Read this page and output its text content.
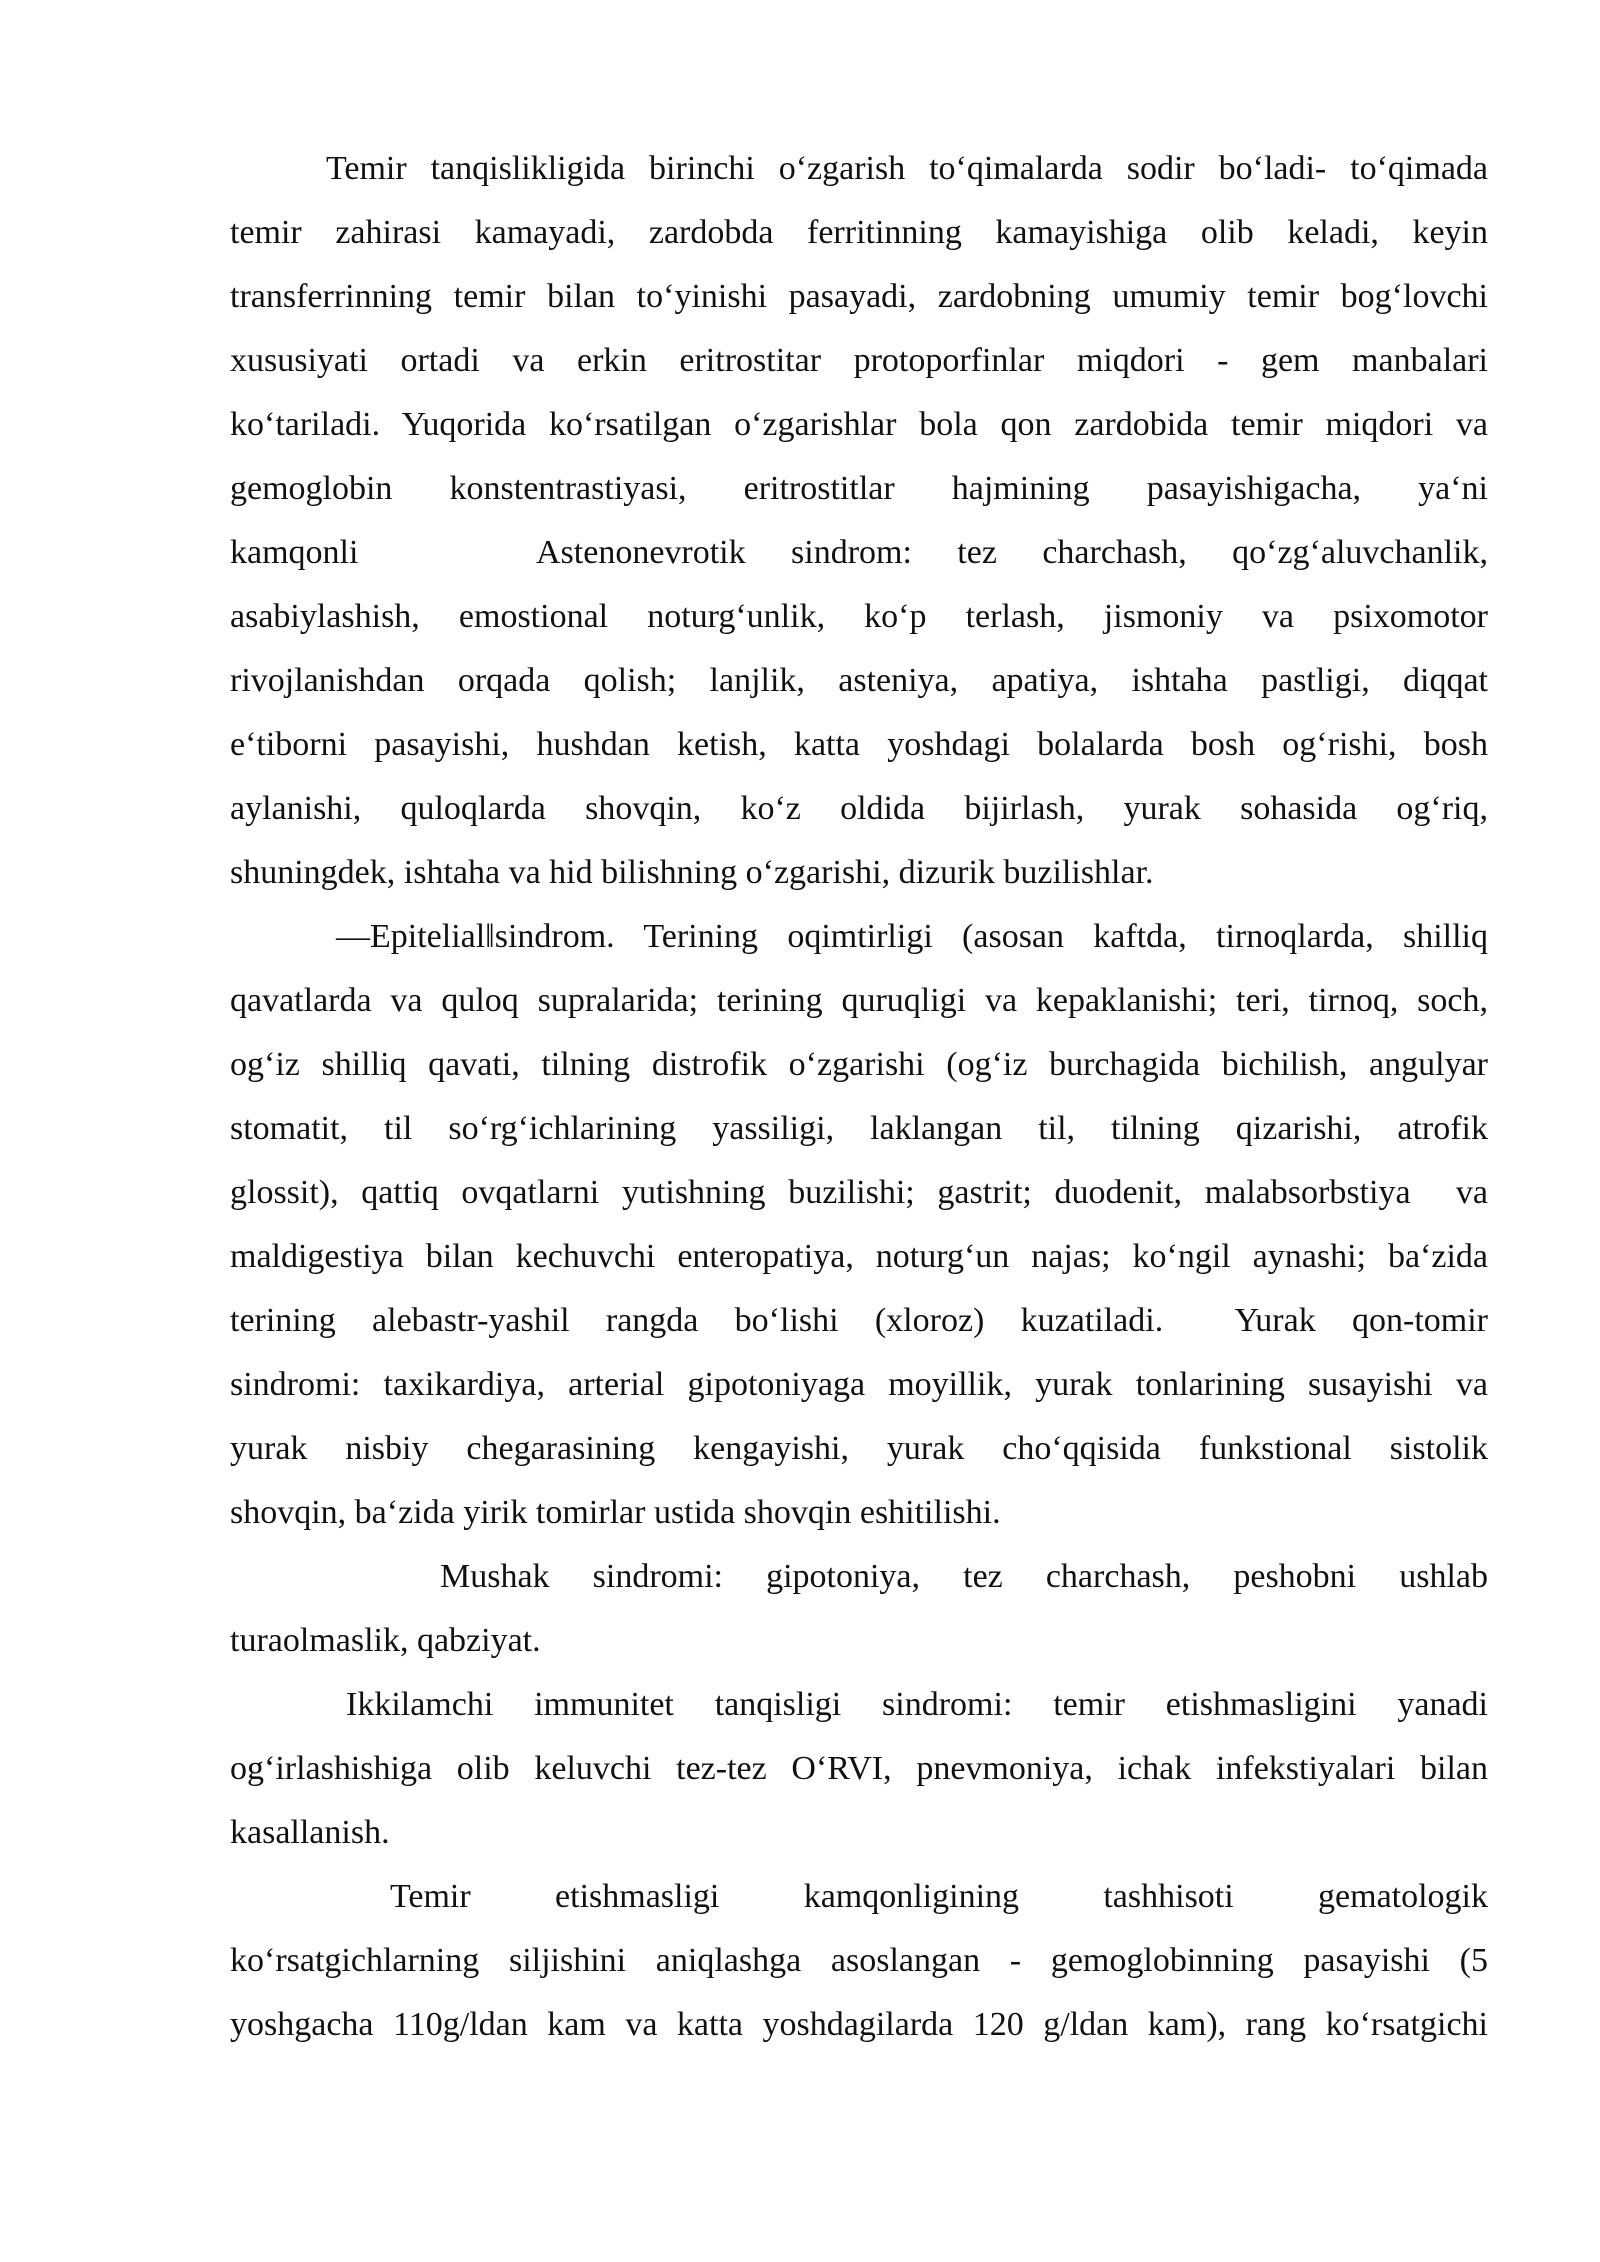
Temir tanqislikligida birinchi o‘zgarish to‘qimalarda sodir bo‘ladi- to‘qimada
temir zahirasi kamayadi, zardobda ferritinning kamayishiga olib keladi, keyin
transferrinning temir bilan to‘yinishi pasayadi, zardobning umumiy temir bog‘lovchi
xususiyati ortadi va erkin eritrostitar protoporfinlar miqdori - gem manbalari
ko‘tariladi. Yuqorida ko‘rsatilgan o‘zgarishlar bola qon zardobida temir miqdori va
gemoglobin konstentrastiyasi, eritrostitlar hajmining pasayishigacha, ya‘ni
kamqonli	Astenonevrotik sindrom: tez charchash, qo‘zg‘aluvchanlik,
asabiylashish, emostional noturg‘unlik, ko‘p terlash, jismoniy va psixomotor
rivojlanishdan orqada qolish; lanjlik, asteniya, apatiya, ishtaha pastligi, diqqat
e‘tiborni pasayishi, hushdan ketish, katta yoshdagi bolalarda bosh og‘rishi, bosh
aylanishi, quloqlarda shovqin, ko‘z oldida bijirlash, yurak sohasida og‘riq,
shuningdek, ishtaha va hid bilishning o‘zgarishi, dizurik buzilishlar.
―Epitelial‖sindrom. Terining oqimtirligi (asosan kaftda, tirnoqlarda, shilliq
qavatlarda va quloq supralarida; terining quruqligi va kepaklanishi; teri, tirnoq, soch,
og‘iz shilliq qavati, tilning distrofik o‘zgarishi (og‘iz burchagida bichilish, angulyar
stomatit, til so‘rg‘ichlarining yassiligi, laklangan til, tilning qizarishi, atrofik
glossit), qattiq ovqatlarni yutishning buzilishi; gastrit; duodenit, malabsorbstiya  va
maldigestiya bilan kechuvchi enteropatiya, noturg‘un najas; ko‘ngil aynashi; ba‘zida
terining alebastr-yashil rangda bo‘lishi (xloroz) kuzatiladi.  Yurak qon-tomir
sindromi: taxikardiya, arterial gipotoniyaga moyillik, yurak tonlarining susayishi va
yurak nisbiy chegarasining kengayishi, yurak cho‘qqisida funkstional sistolik
shovqin, ba‘zida yirik tomirlar ustida shovqin eshitilishi.
Mushak sindromi: gipotoniya, tez charchash, peshobni ushlab
turaolmaslik, qabziyat.
Ikkilamchi immunitet tanqisligi sindromi: temir etishmasligini yanadi
og‘irlashishiga olib keluvchi tez-tez O‘RVI, pnevmoniya, ichak infekstiyalari bilan
kasallanish.
Temir etishmasligi kamqonligining tashhisoti gematologik
ko‘rsatgichlarning siljishini aniqlashga asoslangan - gemoglobinning pasayishi (5
yoshgacha 110g/ldan kam va katta yoshdagilarda 120 g/ldan kam), rang ko‘rsatgichi
